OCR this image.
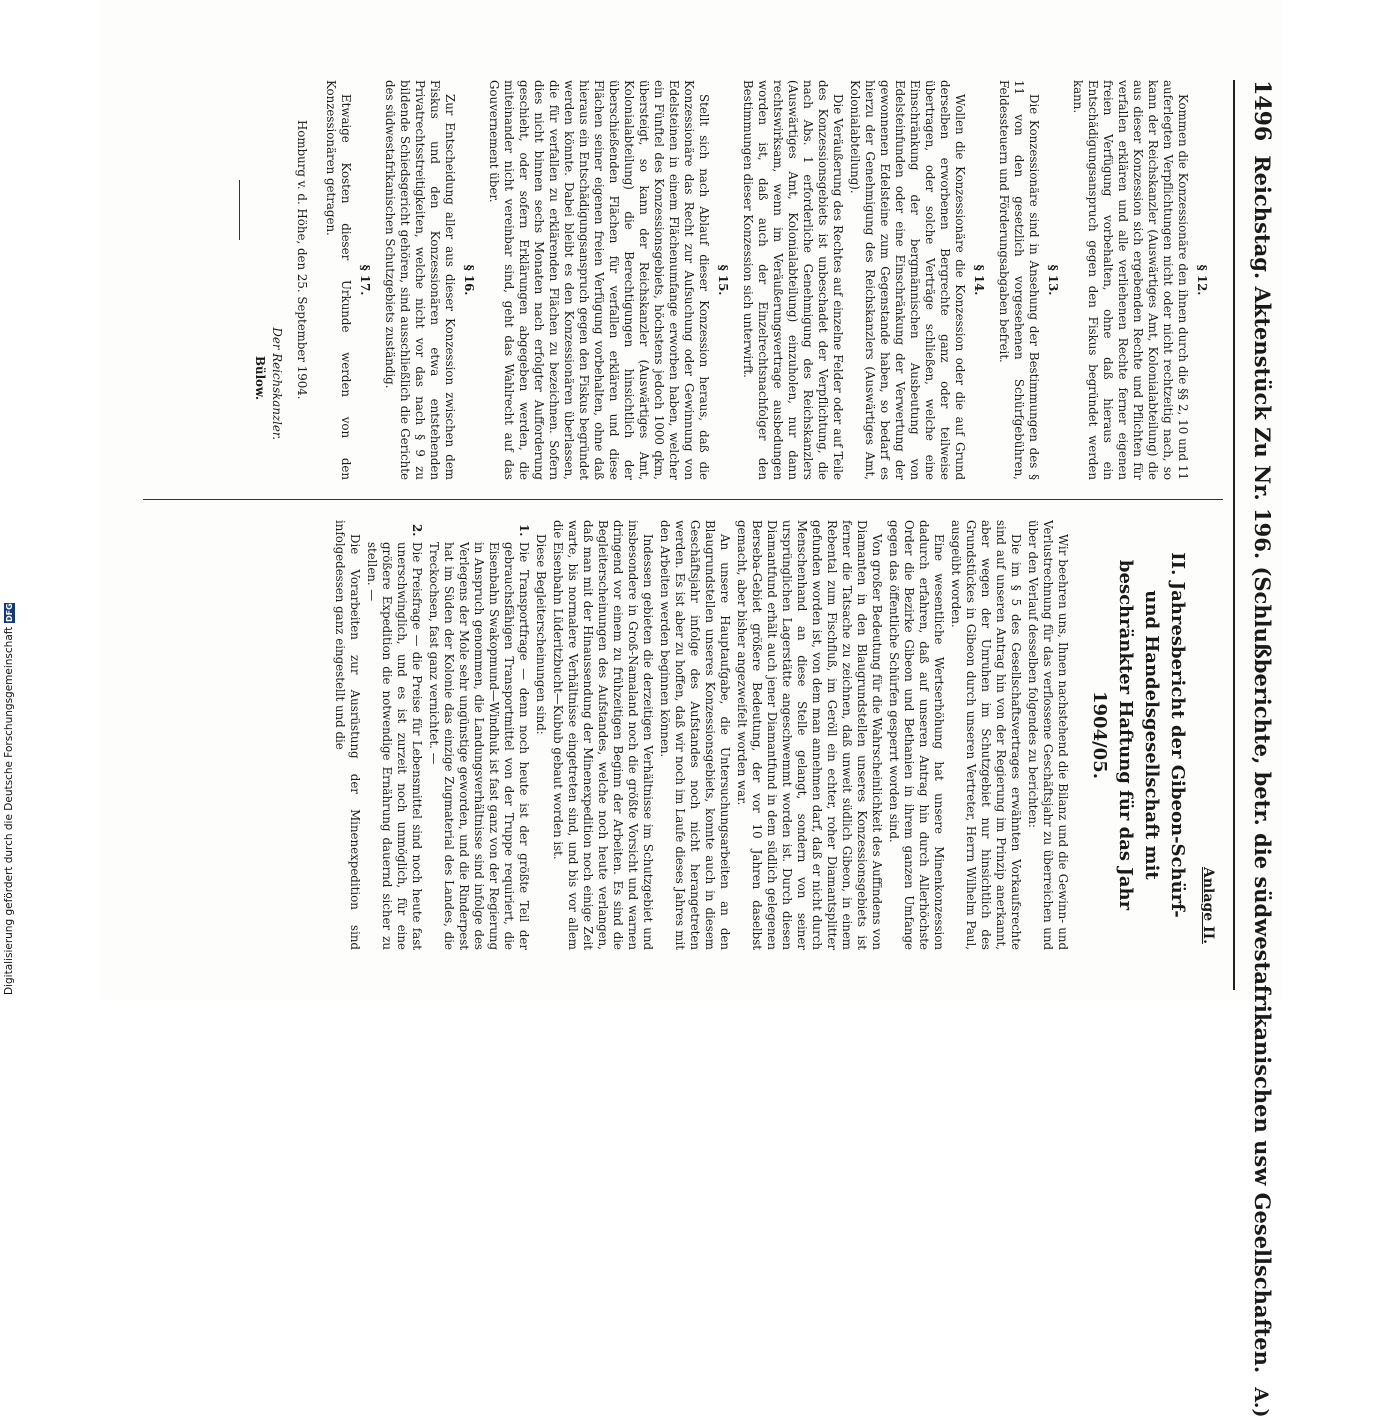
Digitalisierung gefördert durch die Deutsche Forschungsgemeinschaft
DFG
1496
Reichstag. Aktenstück Zu Nr. 196. (Schlußberichte, betr. die südwestafrikanischen usw Gesellschaften.
A.)
§ 12.

Kommen die Konzessionäre den ihnen durch die §§ 2, 10 und 11 auferlegten Verpflichtungen nicht oder nicht rechtzeitig nach, so kann der Reichskanzler (Auswärtiges Amt, Kolonialabteilung) die aus dieser Konzession sich ergebenden Rechte und Pflichten für verfallen erklären und alle verliehenen Rechte ferner eigenen freien Verfügung vorbehalten, ohne daß hieraus ein Entschädigungsanspruch gegen den Fiskus begründet werden kann.

§ 13.

Die Konzessionäre sind in Ansehung der Bestimmungen des § 11 von den gesetzlich vorgesehenen Schürfgebühren, Feldessteuern und Förderungsabgaben befreit.

§ 14.

Wollen die Konzessionäre die Konzession oder die auf Grund derselben erworbenen Bergrechte ganz oder teilweise übertragen, oder solche Verträge schließen, welche eine Einschränkung der bergmännischen Ausbeutung von Edelsteinfunden oder eine Einschränkung der Verwertung der gewonnenen Edelsteine zum Gegenstande haben, so bedarf es hierzu der Genehmigung des Reichskanzlers (Auswärtiges Amt, Kolonialabteilung).

Die Veräußerung des Rechtes auf einzelne Felder oder auf Teile des Konzessionsgebiets ist unbeschadet der Verpflichtung, die nach Abs. 1 erforderliche Genehmigung des Reichskanzlers (Auswärtiges Amt, Kolonialabteilung) einzuholen, nur dann rechtswirksam, wenn im Veräußerungsvertrage ausbedungen worden ist, daß auch der Einzelrechtsnachfolger den Bestimmungen dieser Konzession sich unterwirft.

§ 15.

Stellt sich nach Ablauf dieser Konzession heraus, daß die Konzessionäre das Recht zur Aufsuchung oder Gewinnung von Edelsteinen in einem Flächenumfange erworben haben, welcher ein Fünftel des Konzessionsgebiets, höchstens jedoch 1000 qkm, übersteigt, so kann der Reichskanzler (Auswärtiges Amt, Kolonialabteilung) die Berechtigungen hinsichtlich der überschießenden Flächen für verfallen erklären und diese Flächen seiner eigenen freien Verfügung vorbehalten, ohne daß hieraus ein Entschädigungsanspruch gegen den Fiskus begründet werden könnte. Dabei bleibt es den Konzessionären überlassen, die für verfallen zu erklärenden Flächen zu bezeichnen. Sofern dies nicht binnen sechs Monaten nach erfolgter Aufforderung geschieht, oder sofern Erklärungen abgegeben werden, die miteinander nicht vereinbar sind, geht das Wahlrecht auf das Gouvernement über.

§ 16.

Zur Entscheidung aller aus dieser Konzession zwischen dem Fiskus und den Konzessionären etwa entstehenden Privatrechtsstreitigkeiten, welche nicht vor das nach § 9 zu bildende Schiedsgericht gehören, sind ausschließlich die Gerichte des südwestafrikanischen Schutzgebiets zuständig.

§ 17.

Etwaige Kosten dieser Urkunde werden von den Konzessionären getragen.

Homburg v. d. Höhe, den 25. September 1904.

Der Reichskanzler.
Bülow.
Anlage II.
II. Jahresbericht der Gibeon-Schürf- und Handelsgesellschaft mit beschränkter Haftung für das Jahr 1904/05.

Wir beehren uns, Ihnen nachstehend die Bilanz und die Gewinn- und Verlustrechnung für das verflossene Geschäftsjahr zu überreichen und über den Verlauf desselben folgendes zu berichten:

Die im § 5 des Gesellschaftsvertrages erwähnten Vorkaufsrechte sind auf unseren Antrag hin von der Regierung im Prinzip anerkannt, aber wegen der Unruhen im Schutzgebiet nur hinsichtlich des Grundstückes in Gibeon durch unseren Vertreter, Herrn Wilhelm Paul, ausgeübt worden.

Eine wesentliche Wertserhöhung hat unsere Minenkonzession dadurch erfahren, daß auf unseren Antrag hin durch Allerhöchste Order die Bezirke Gibeon und Bethanien in ihrem ganzen Umfange gegen das öffentliche Schürfen gesperrt worden sind.

Von großer Bedeutung für die Wahrscheinlichkeit des Auffindens von Diamanten in den Blaugrundstellen unseres Konzessionsgebiets ist ferner die Tatsache zu zeichnen, daß unweit südlich Gibeon, in einem Rebental zum Fischfluß, im Geröll ein echter, roher Diamantsplitter gefunden worden ist, von dem man annehmen darf, daß er nicht durch Menschenhand an diese Stelle gelangt, sondern von seiner ursprünglichen Lagerstätte angeschwemmt worden ist. Durch diesen Diamantfund erhält auch jener Diamantfund in dem südlich gelegenen Berseba-Gebiet größere Bedeutung, der vor 10 Jahren daselbst gemacht, aber bisher angezweifelt worden war.

An unsere Hauptaufgabe, die Untersuchungsarbeiten an den Blaugrundstellen unseres Konzessionsgebiets, konnte auch in diesem Geschäftsjahr infolge des Aufstandes noch nicht herangetreten werden. Es ist aber zu hoffen, daß wir noch im Laufe dieses Jahres mit den Arbeiten werden beginnen können.

Indessen gebieten die derzeitigen Verhältnisse im Schutzgebiet und insbesondere in Groß-Namaland noch die größte Vorsicht und warnen dringend vor einem zu frühzeitigen Beginn der Arbeiten. Es sind die Begleiterscheinungen des Aufstandes, welche noch heute verlangen, daß man mit der Hinaussendung der Minenexpedition noch einige Zeit warte, bis normalere Verhältnisse eingetreten sind, und bis vor allem die Eisenbahn Lüderitzbucht—Kubub gebaut worden ist.

Diese Begleiterscheinungen sind:

1.
Die Transportfrage — denn noch heute ist der größte Teil der gebrauchsfähigen Transportmittel von der Truppe requiriert, die Eisenbahn Swakopmund—Windhuk ist fast ganz von der Regierung in Anspruch genommen, die Landungsverhältnisse sind infolge des Verlegens der Mole sehr ungünstige geworden, und die Rinderpest hat im Süden der Kolonie das einzige Zugmaterial des Landes, die Treckochsen, fast ganz vernichtet. —
2.
Die Preisfrage — die Preise für Lebensmittel sind noch heute fast unerschwinglich, und es ist zurzeit noch unmöglich, für eine größere Expedition die notwendige Ernährung dauernd sicher zu stellen. —

Die Vorarbeiten zur Ausrüstung der Minenexpedition sind infolgedessen ganz eingestellt und die
